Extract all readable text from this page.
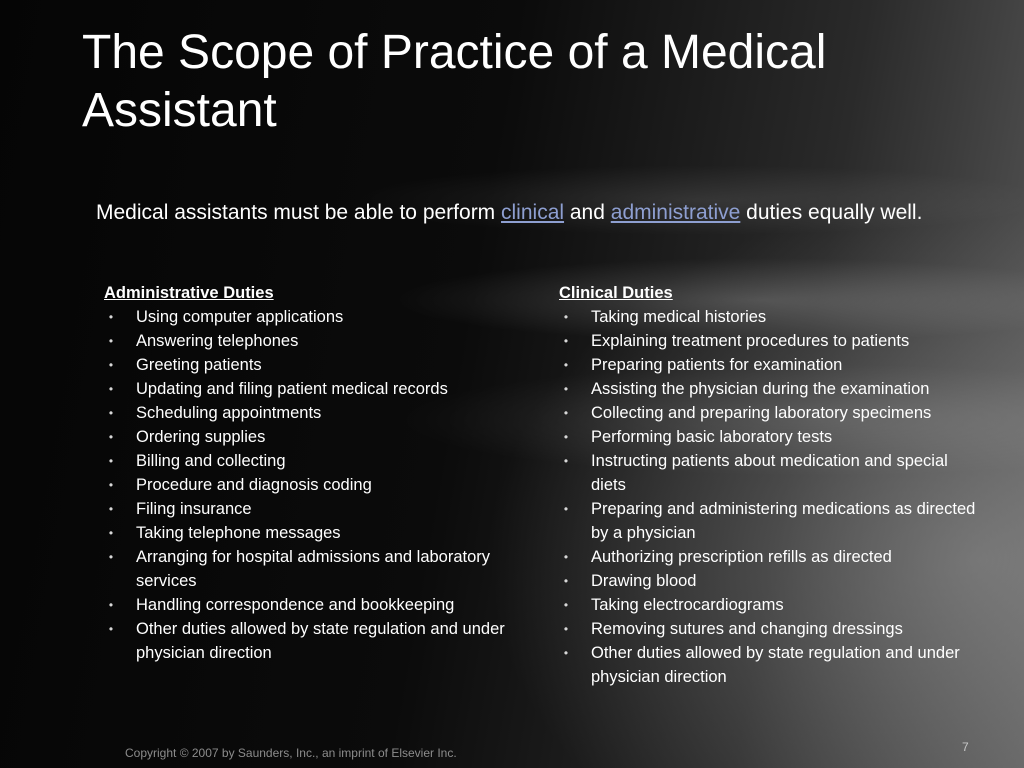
The Scope of Practice of a Medical Assistant
Medical assistants must be able to perform clinical and administrative duties equally well.
Administrative Duties
• Using computer applications
• Answering telephones
• Greeting patients
• Updating and filing patient medical records
• Scheduling appointments
• Ordering supplies
• Billing and collecting
• Procedure and diagnosis coding
• Filing insurance
• Taking telephone messages
• Arranging for hospital admissions and laboratory services
• Handling correspondence and bookkeeping
• Other duties allowed by state regulation and under physician direction
Clinical Duties
• Taking medical histories
• Explaining treatment procedures to patients
• Preparing patients for examination
• Assisting the physician during the examination
• Collecting and preparing laboratory specimens
• Performing basic laboratory tests
• Instructing patients about medication and special diets
• Preparing and administering medications as directed by a physician
• Authorizing prescription refills as directed
• Drawing blood
• Taking electrocardiograms
• Removing sutures and changing dressings
• Other duties allowed by state regulation and under physician direction
Copyright © 2007 by Saunders, Inc., an imprint of Elsevier Inc.	7
